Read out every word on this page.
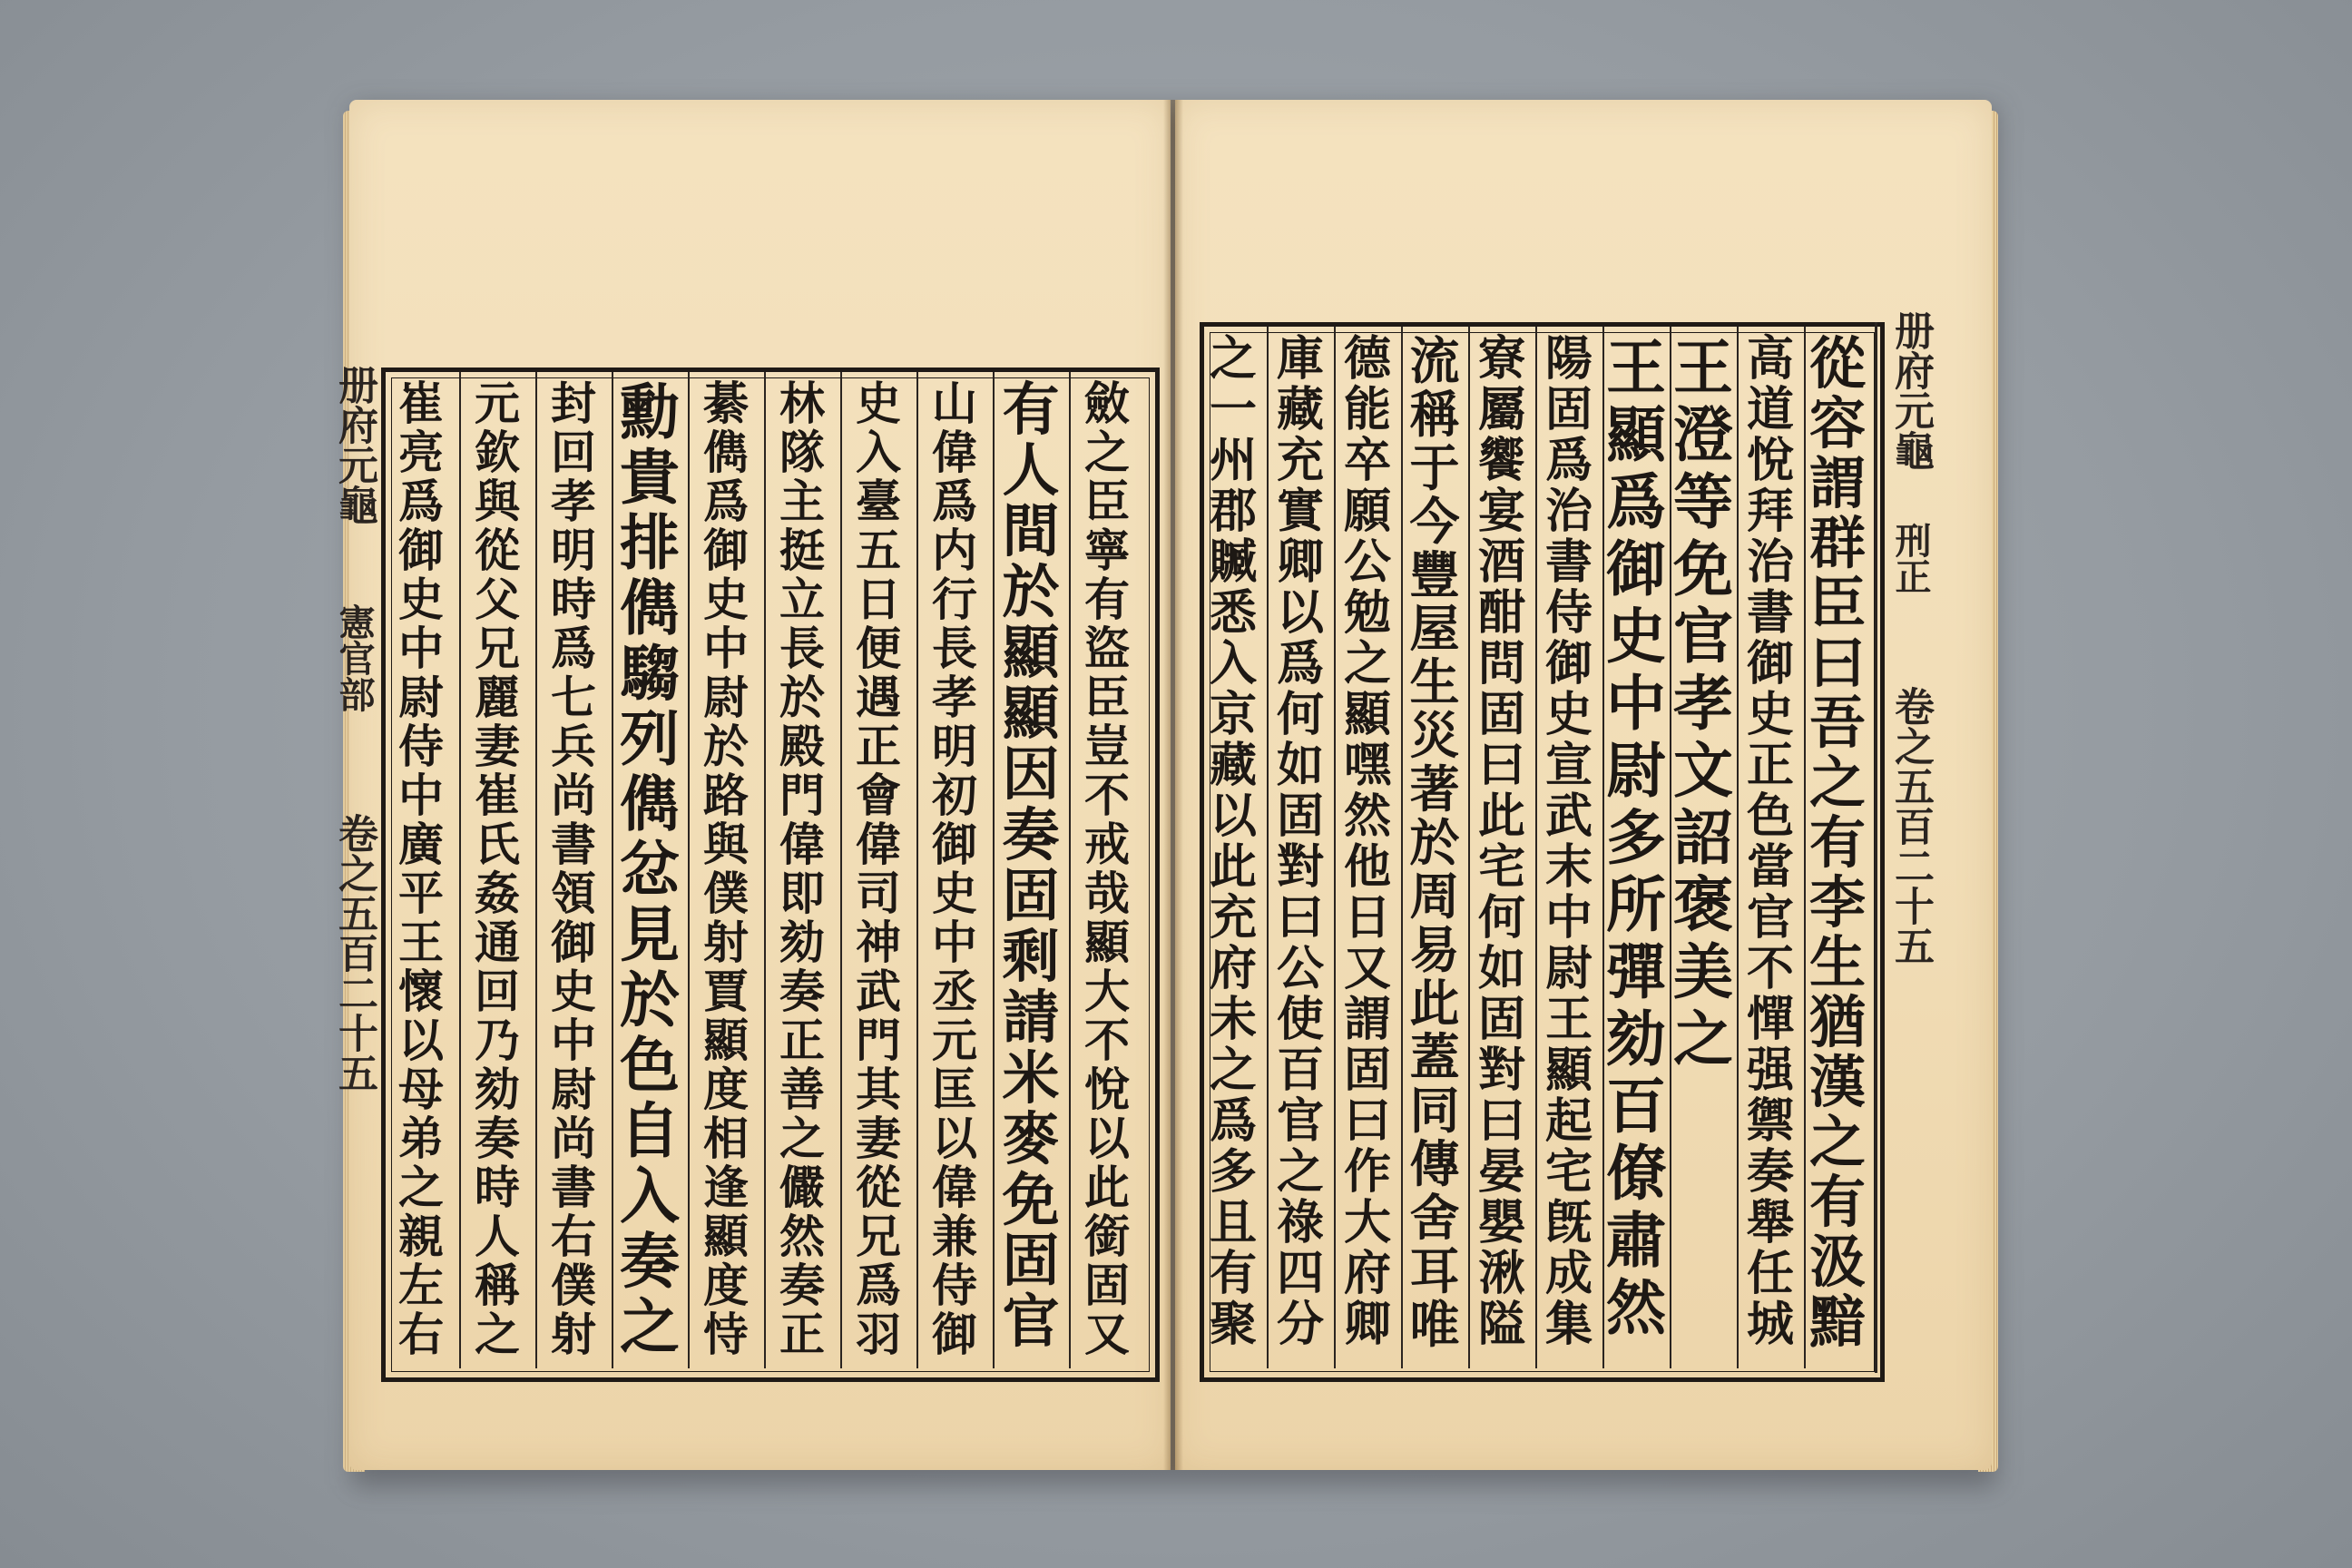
册府元龜
刑正
卷之五百二十五
册府元龜
憲官部
卷之五百二十五
從
容
謂
群
臣
曰
吾
之
有
李
生
猶
漢
之
有
汲
黯
高
道
悅
拜
治
書
御
史
正
色
當
官
不
憚
强
禦
奏
舉
任
城
王
澄
等
免
官
孝
文
詔
褒
美
之
王
顯
爲
御
史
中
尉
多
所
彈
劾
百
僚
肅
然
陽
固
爲
治
書
侍
御
史
宣
武
末
中
尉
王
顯
起
宅
旣
成
集
寮
屬
饗
宴
酒
酣
問
固
曰
此
宅
何
如
固
對
曰
晏
嬰
湫
隘
流
稱
于
今
豐
屋
生
災
著
於
周
易
此
蓋
同
傳
舍
耳
唯
德
能
卒
願
公
勉
之
顯
嘿
然
他
日
又
謂
固
曰
作
大
府
卿
庫
藏
充
實
卿
以
爲
何
如
固
對
曰
公
使
百
官
之
祿
四
分
之
一
州
郡
贓
悉
入
京
藏
以
此
充
府
未
之
爲
多
且
有
聚
斂
之
臣
寧
有
盜
臣
豈
不
戒
哉
顯
大
不
悅
以
此
銜
固
又
有
人
間
於
顯
顯
因
奏
固
剩
請
米
麥
免
固
官
山
偉
爲
内
行
長
孝
明
初
御
史
中
丞
元
匡
以
偉
兼
侍
御
史
入
臺
五
日
便
遇
正
會
偉
司
神
武
門
其
妻
從
兄
爲
羽
林
隊
主
挺
立
長
於
殿
門
偉
即
劾
奏
正
善
之
儼
然
奏
正
綦
儁
爲
御
史
中
尉
於
路
與
僕
射
賈
顯
度
相
逢
顯
度
恃
勳
貴
排
儁
騶
列
儁
忿
見
於
色
自
入
奏
之
封
回
孝
明
時
爲
七
兵
尚
書
領
御
史
中
尉
尚
書
右
僕
射
元
欽
與
從
父
兄
麗
妻
崔
氏
姦
通
回
乃
劾
奏
時
人
稱
之
崔
亮
爲
御
史
中
尉
侍
中
廣
平
王
懷
以
母
弟
之
親
左
右
